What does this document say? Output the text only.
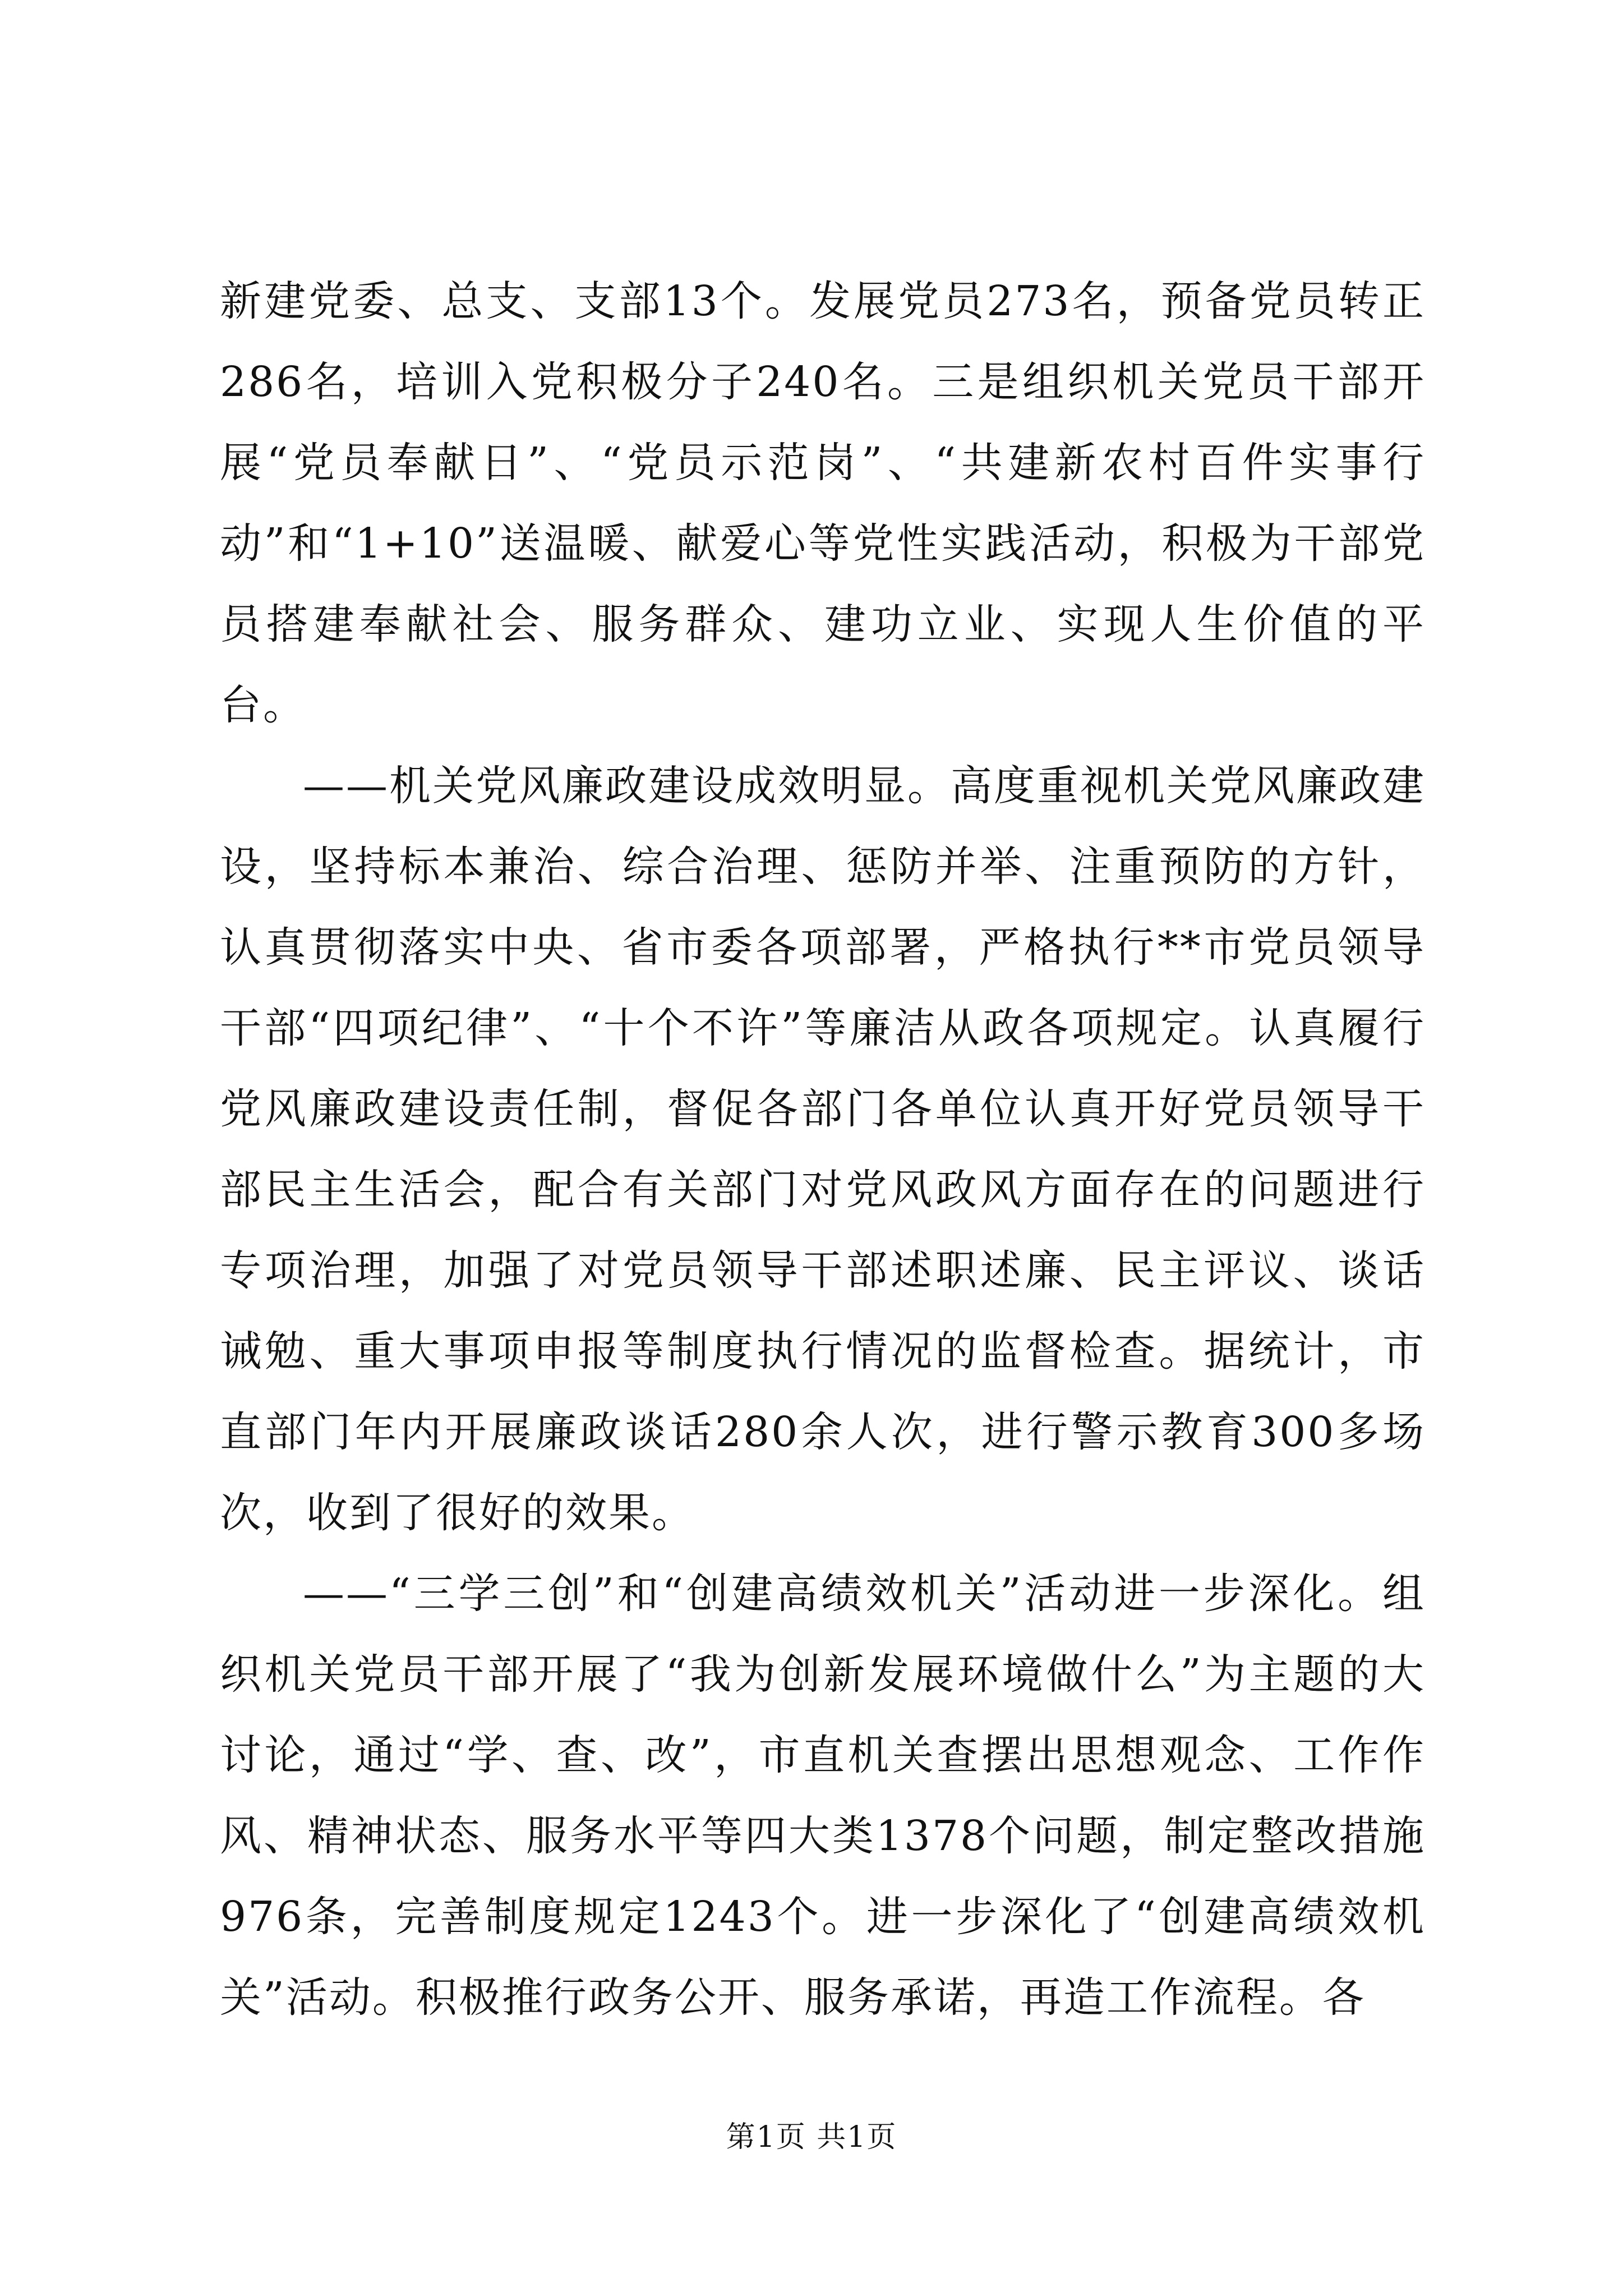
新建党委、总支、支部13个。发展党员273名，预备党员转正286名，培训入党积极分子240名。三是组织机关党员干部开展“党员奉献日”、“党员示范岗”、“共建新农村百件实事行动”和“1+10”送温暖、献爱心等党性实践活动，积极为干部党员搭建奉献社会、服务群众、建功立业、实现人生价值的平台。

——机关党风廉政建设成效明显。高度重视机关党风廉政建设，坚持标本兼治、综合治理、惩防并举、注重预防的方针，认真贯彻落实中央、省市委各项部署，严格执行**市党员领导干部“四项纪律”、“十个不许”等廉洁从政各项规定。认真履行党风廉政建设责任制，督促各部门各单位认真开好党员领导干部民主生活会，配合有关部门对党风政风方面存在的问题进行专项治理，加强了对党员领导干部述职述廉、民主评议、谈话诫勉、重大事项申报等制度执行情况的监督检查。据统计，市直部门年内开展廉政谈话280余人次，进行警示教育300多场次，收到了很好的效果。

——“三学三创”和“创建高绩效机关”活动进一步深化。组织机关党员干部开展了“我为创新发展环境做什么”为主题的大讨论，通过“学、查、改”，市直机关查摆出思想观念、工作作风、精神状态、服务水平等四大类1378个问题，制定整改措施976条，完善制度规定1243个。进一步深化了“创建高绩效机关”活动。积极推行政务公开、服务承诺，再造工作流程。各

第1页 共1页
